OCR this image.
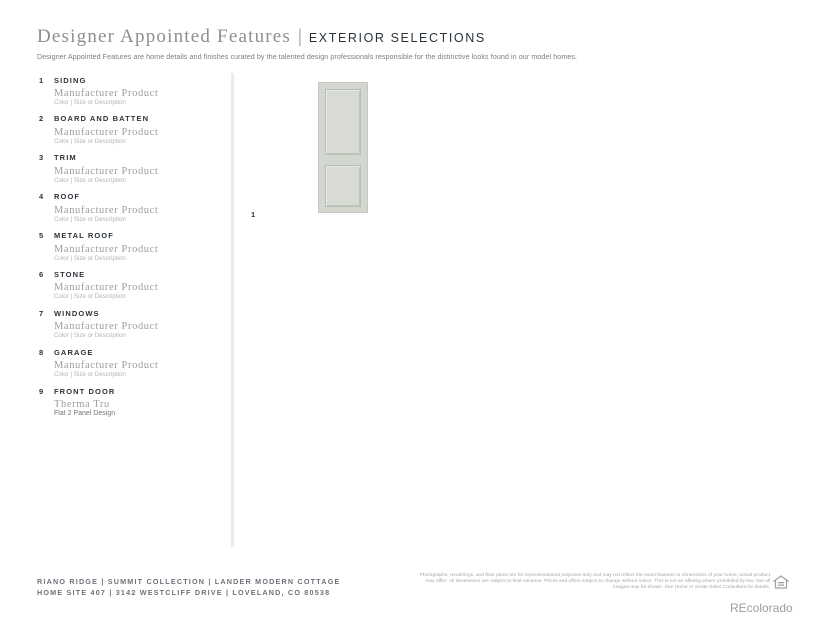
Designer Appointed Features | EXTERIOR SELECTIONS
Designer Appointed Features are home details and finishes curated by the talented design professionals responsible for the distinctive looks found in our model homes.
1	SIDING
Manufacturer Product
Color | Size or Description
2	BOARD AND BATTEN
Manufacturer Product
Color | Size or Description
3	TRIM
Manufacturer Product
Color | Size or Description
4	ROOF
Manufacturer Product
Color | Size or Description
5	METAL ROOF
Manufacturer Product
Color | Size or Description
6	STONE
Manufacturer Product
Color | Size or Description
7	WINDOWS
Manufacturer Product
Color | Size or Description
8	GARAGE
Manufacturer Product
Color | Size or Description
9	FRONT DOOR
Therma Tru
Flat 2 Panel Design
1
RIANO RIDGE | SUMMIT COLLECTION | LANDER MODERN COTTAGE
HOME SITE 407 | 3142 WESTCLIFF DRIVE | LOVELAND, CO 80538
Photographs, renderings, and floor plans are for representational purposes only and may not reflect the exact features or dimensions of your home; actual product may differ. All dimensions are subject to field variance. Prices and offers subject to change without notice. This is not an offering where prohibited by law. Not all images may be shown. See Home or onsite Sales Consultant for details.
REcolorado
